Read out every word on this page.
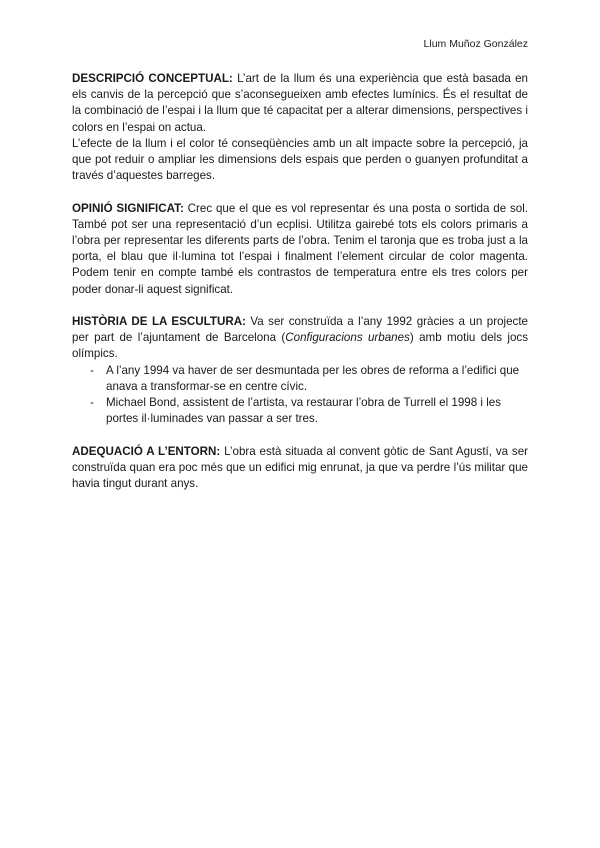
Llum Muñoz González

DESCRIPCIÓ CONCEPTUAL: L’art de la llum és una experiència que està basada en els canvis de la percepció que s’aconsegueixen amb efectes lumínics. És el resultat de la combinació de l’espai i la llum que té capacitat per a alterar dimensions, perspectives i colors en l’espai on actua.

L’efecte de la llum i el color té conseqüències amb un alt impacte sobre la percepció, ja que pot reduir o ampliar les dimensions dels espais que perden o guanyen profunditat a través d’aquestes barreges.

OPINIÓ SIGNIFICAT: Crec que el que es vol representar és una posta o sortida de sol. També pot ser una representació d’un ecplisi. Utilitza gairebé tots els colors primaris a l’obra per representar les diferents parts de l’obra. Tenim el taronja que es troba just a la porta, el blau que il·lumina tot l’espai i finalment l’element circular de color magenta. Podem tenir en compte també els contrastos de temperatura entre els tres colors per poder donar-li aquest significat.

HISTÒRIA DE LA ESCULTURA: Va ser construïda a l’any 1992 gràcies a un projecte per part de l’ajuntament de Barcelona (Configuracions urbanes) amb motiu dels jocs olímpics.

- A l’any 1994 va haver de ser desmuntada per les obres de reforma a l’edifici que anava a transformar-se en centre cívic.
- Michael Bond, assistent de l’artista, va restaurar l’obra de Turrell el 1998 i les portes il·luminades van passar a ser tres.

ADEQUACIÓ A L’ENTORN: L’obra està situada al convent gòtic de Sant Agustí, va ser construïda quan era poc més que un edifici mig enrunat, ja que va perdre l’ús militar que havia tingut durant anys.
